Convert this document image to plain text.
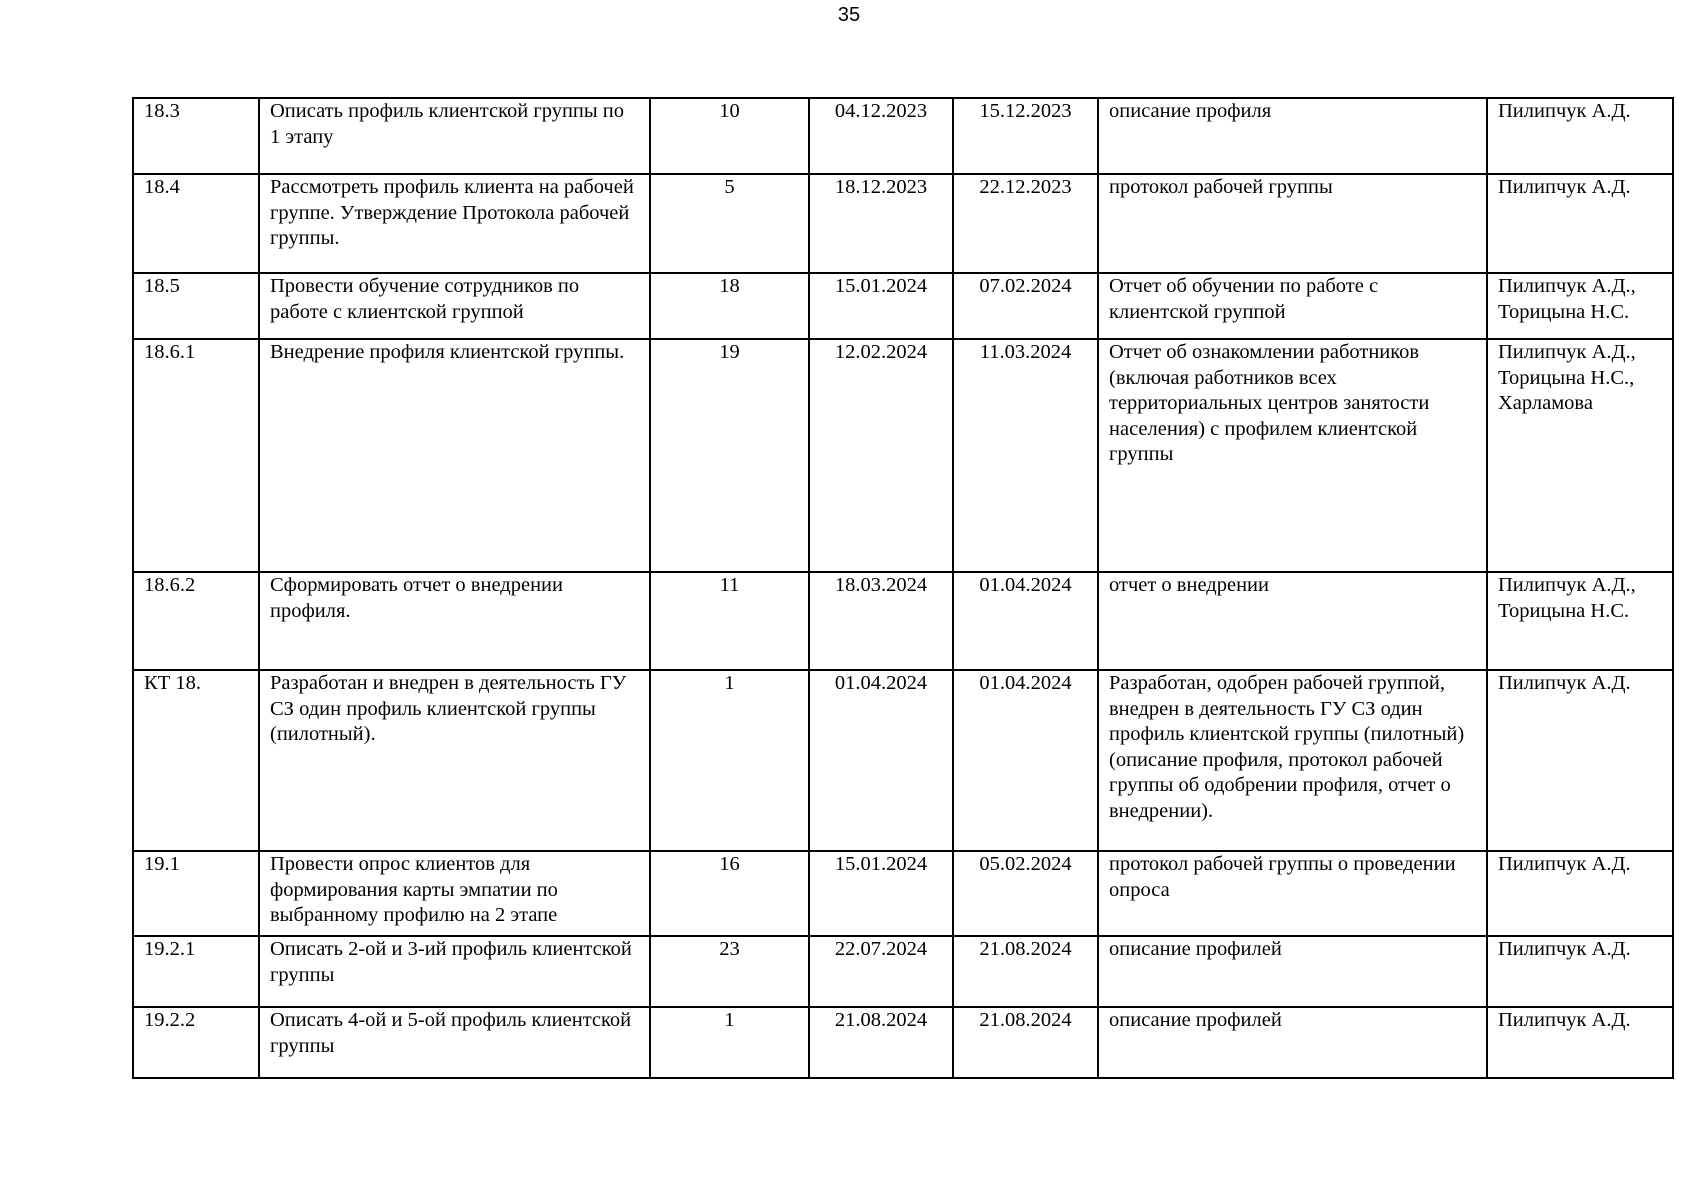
35
18.3	Описать профиль клиентской группы по 1 этапу	10	04.12.2023	15.12.2023	описание профиля	Пилипчук А.Д.
18.4	Рассмотреть профиль клиента на рабочей группе. Утверждение Протокола рабочей группы.	5	18.12.2023	22.12.2023	протокол рабочей группы	Пилипчук А.Д.
18.5	Провести обучение сотрудников по работе с клиентской группой	18	15.01.2024	07.02.2024	Отчет об обучении по работе с клиентской группой	Пилипчук А.Д., Торицына Н.С.
18.6.1	Внедрение профиля клиентской группы.	19	12.02.2024	11.03.2024	Отчет об ознакомлении работников (включая работников всех территориальных центров занятости населения) с профилем клиентской группы	Пилипчук А.Д., Торицына Н.С., Харламова
18.6.2	Сформировать отчет о внедрении профиля.	11	18.03.2024	01.04.2024	отчет о внедрении	Пилипчук А.Д., Торицына Н.С.
КТ 18.	Разработан и внедрен в деятельность ГУ СЗ один профиль клиентской группы (пилотный).	1	01.04.2024	01.04.2024	Разработан, одобрен рабочей группой, внедрен в деятельность ГУ СЗ один профиль клиентской группы (пилотный) (описание профиля, протокол рабочей группы об одобрении профиля, отчет о внедрении).	Пилипчук А.Д.
19.1	Провести опрос клиентов для формирования карты эмпатии по выбранному профилю на 2 этапе	16	15.01.2024	05.02.2024	протокол рабочей группы о проведении опроса	Пилипчук А.Д.
19.2.1	Описать 2-ой и 3-ий профиль клиентской группы	23	22.07.2024	21.08.2024	описание профилей	Пилипчук А.Д.
19.2.2	Описать 4-ой и 5-ой профиль клиентской группы	1	21.08.2024	21.08.2024	описание профилей	Пилипчук А.Д.
